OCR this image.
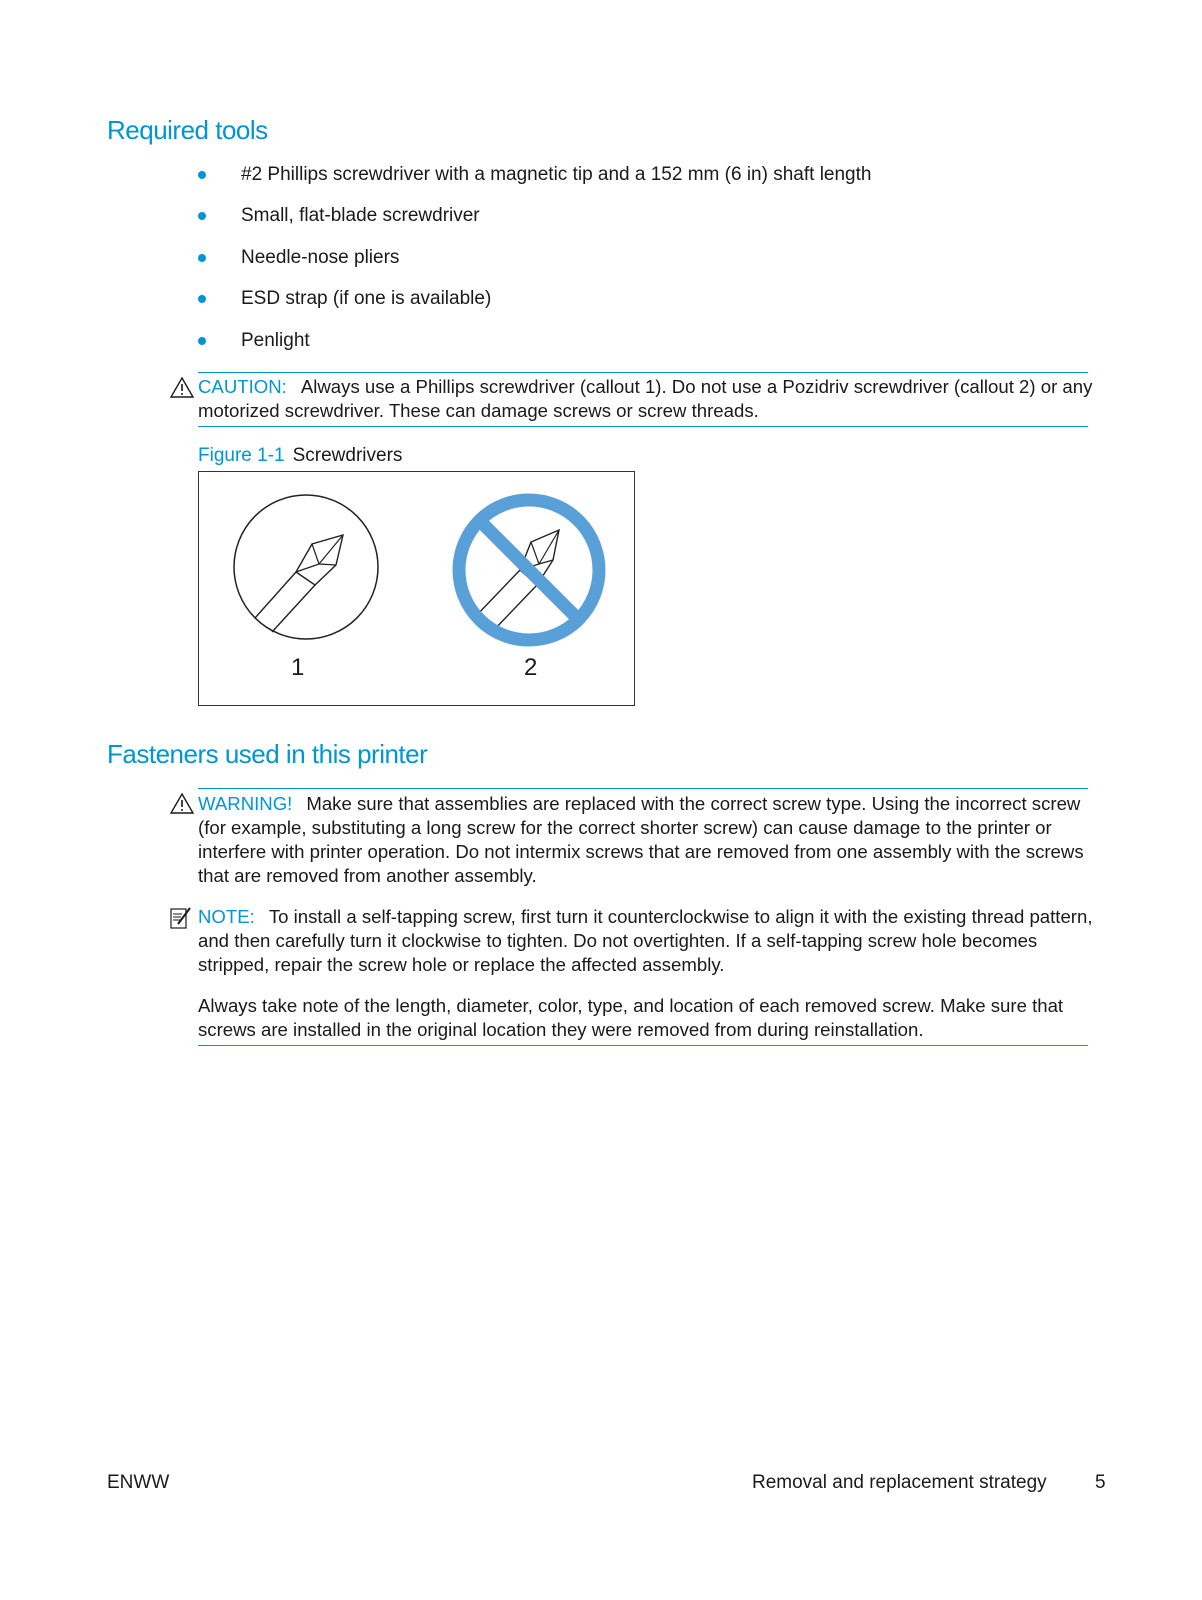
Required tools
#2 Phillips screwdriver with a magnetic tip and a 152 mm (6 in) shaft length
Small, flat-blade screwdriver
Needle-nose pliers
ESD strap (if one is available)
Penlight
CAUTION: Always use a Phillips screwdriver (callout 1). Do not use a Pozidriv screwdriver (callout 2) or any motorized screwdriver. These can damage screws or screw threads.
Figure 1-1 Screwdrivers
1	2
Fasteners used in this printer
WARNING! Make sure that assemblies are replaced with the correct screw type. Using the incorrect screw (for example, substituting a long screw for the correct shorter screw) can cause damage to the printer or interfere with printer operation. Do not intermix screws that are removed from one assembly with the screws that are removed from another assembly.
NOTE: To install a self-tapping screw, first turn it counterclockwise to align it with the existing thread pattern, and then carefully turn it clockwise to tighten. Do not overtighten. If a self-tapping screw hole becomes stripped, repair the screw hole or replace the affected assembly.
Always take note of the length, diameter, color, type, and location of each removed screw. Make sure that screws are installed in the original location they were removed from during reinstallation.
ENWW	Removal and replacement strategy	5
